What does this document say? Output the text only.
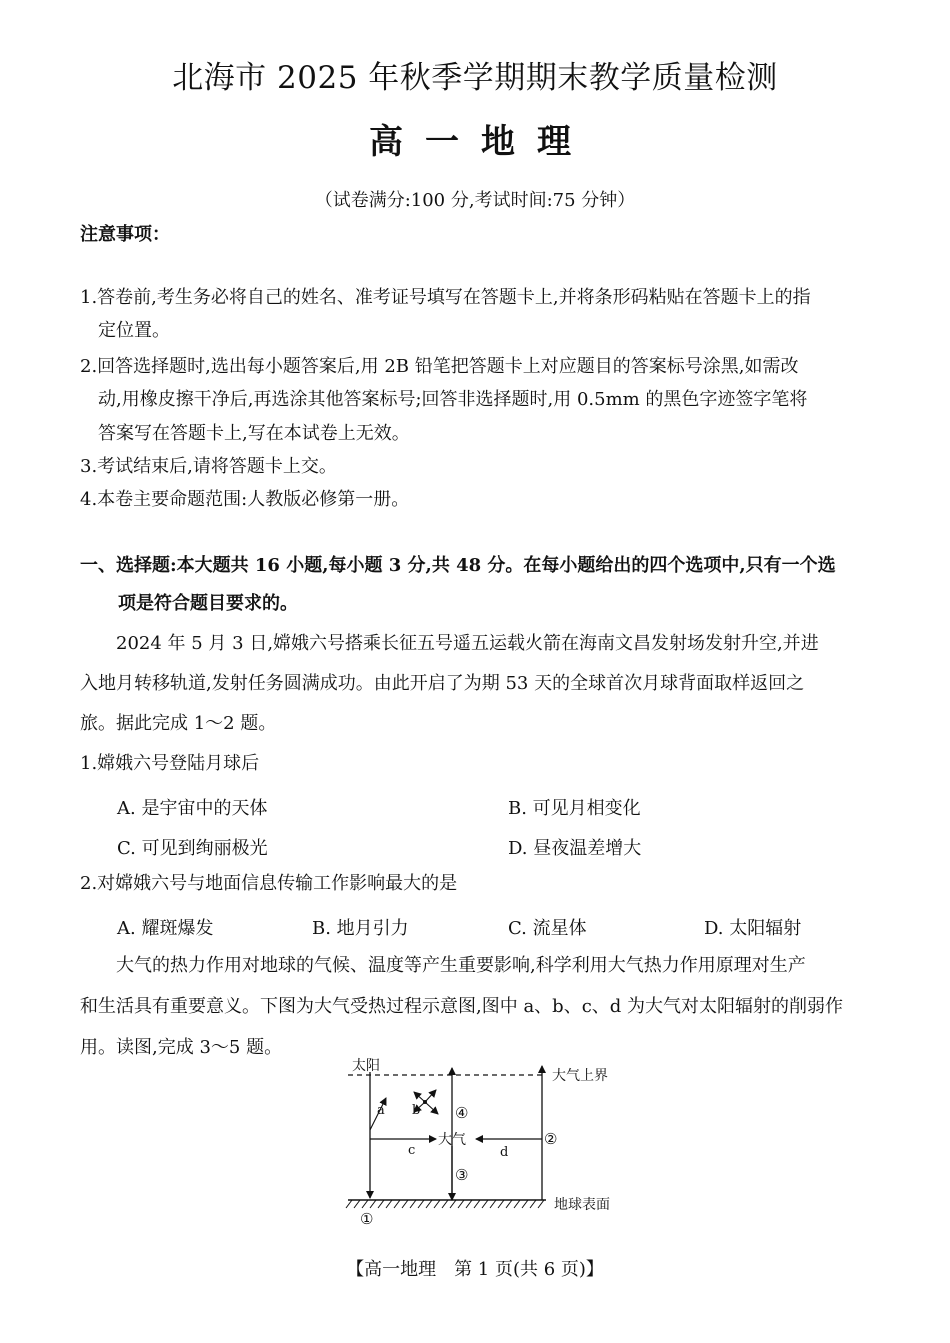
北海市 2025 年秋季学期期末教学质量检测
高一地理
（试卷满分:100 分,考试时间:75 分钟）
注意事项：
1.答卷前,考生务必将自己的姓名、准考证号填写在答题卡上,并将条形码粘贴在答题卡上的指
定位置。
2.回答选择题时,选出每小题答案后,用 2B 铅笔把答题卡上对应题目的答案标号涂黑,如需改
动,用橡皮擦干净后,再选涂其他答案标号;回答非选择题时,用 0.5mm 的黑色字迹签字笔将
答案写在答题卡上,写在本试卷上无效。
3.考试结束后,请将答题卡上交。
4.本卷主要命题范围:人教版必修第一册。
一、选择题:本大题共 16 小题,每小题 3 分,共 48 分。在每小题给出的四个选项中,只有一个选
项是符合题目要求的。
2024 年 5 月 3 日,嫦娥六号搭乘长征五号遥五运载火箭在海南文昌发射场发射升空,并进
入地月转移轨道,发射任务圆满成功。由此开启了为期 53 天的全球首次月球背面取样返回之
旅。据此完成 1～2 题。
1.嫦娥六号登陆月球后
A. 是宇宙中的天体	B. 可见月相变化
C. 可见到绚丽极光	D. 昼夜温差增大
2.对嫦娥六号与地面信息传输工作影响最大的是
A. 耀斑爆发	B. 地月引力	C. 流星体	D. 太阳辐射
大气的热力作用对地球的气候、温度等产生重要影响,科学利用大气热力作用原理对生产
和生活具有重要意义。下图为大气受热过程示意图,图中 a、b、c、d 为大气对太阳辐射的削弱作
用。读图,完成 3～5 题。
太阳
大气上界
a b ④
大气	②
c	d
③
地球表面
①
【高一地理　第 1 页(共 6 页)】
